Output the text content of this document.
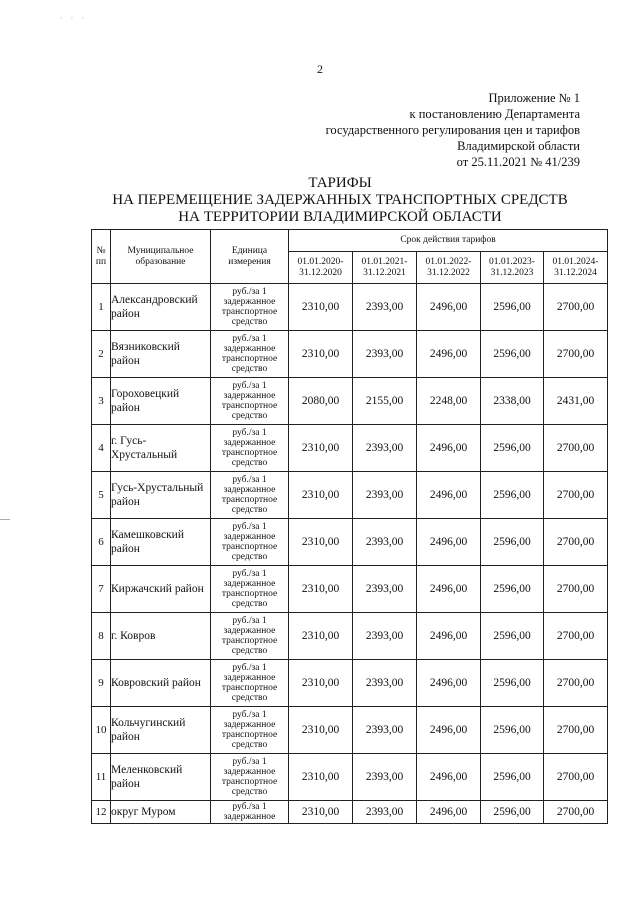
· · ·
2
Приложение № 1
к постановлению Департамента
государственного регулирования цен и тарифов
Владимирской области
от 25.11.2021 № 41/239
ТАРИФЫ
НА ПЕРЕМЕЩЕНИЕ ЗАДЕРЖАННЫХ ТРАНСПОРТНЫХ СРЕДСТВ
НА ТЕРРИТОРИИ ВЛАДИМИРСКОЙ ОБЛАСТИ
№ пп	Муниципальное образование	Единица измерения	Срок действия тарифов				
			01.01.2020-31.12.2020	01.01.2021-31.12.2021	01.01.2022-31.12.2022	01.01.2023-31.12.2023	01.01.2024-31.12.2024
1	Александровский район	руб./за 1 задержанное транспортное средство	2310,00	2393,00	2496,00	2596,00	2700,00
2	Вязниковский район	руб./за 1 задержанное транспортное средство	2310,00	2393,00	2496,00	2596,00	2700,00
3	Гороховецкий район	руб./за 1 задержанное транспортное средство	2080,00	2155,00	2248,00	2338,00	2431,00
4	г. Гусь-Хрустальный	руб./за 1 задержанное транспортное средство	2310,00	2393,00	2496,00	2596,00	2700,00
5	Гусь-Хрустальный район	руб./за 1 задержанное транспортное средство	2310,00	2393,00	2496,00	2596,00	2700,00
6	Камешковский район	руб./за 1 задержанное транспортное средство	2310,00	2393,00	2496,00	2596,00	2700,00
7	Киржачский район	руб./за 1 задержанное транспортное средство	2310,00	2393,00	2496,00	2596,00	2700,00
8	г. Ковров	руб./за 1 задержанное транспортное средство	2310,00	2393,00	2496,00	2596,00	2700,00
9	Ковровский район	руб./за 1 задержанное транспортное средство	2310,00	2393,00	2496,00	2596,00	2700,00
10	Кольчугинский район	руб./за 1 задержанное транспортное средство	2310,00	2393,00	2496,00	2596,00	2700,00
11	Меленковский район	руб./за 1 задержанное транспортное средство	2310,00	2393,00	2496,00	2596,00	2700,00
12	округ Муром	руб./за 1 задержанное	2310,00	2393,00	2496,00	2596,00	2700,00
